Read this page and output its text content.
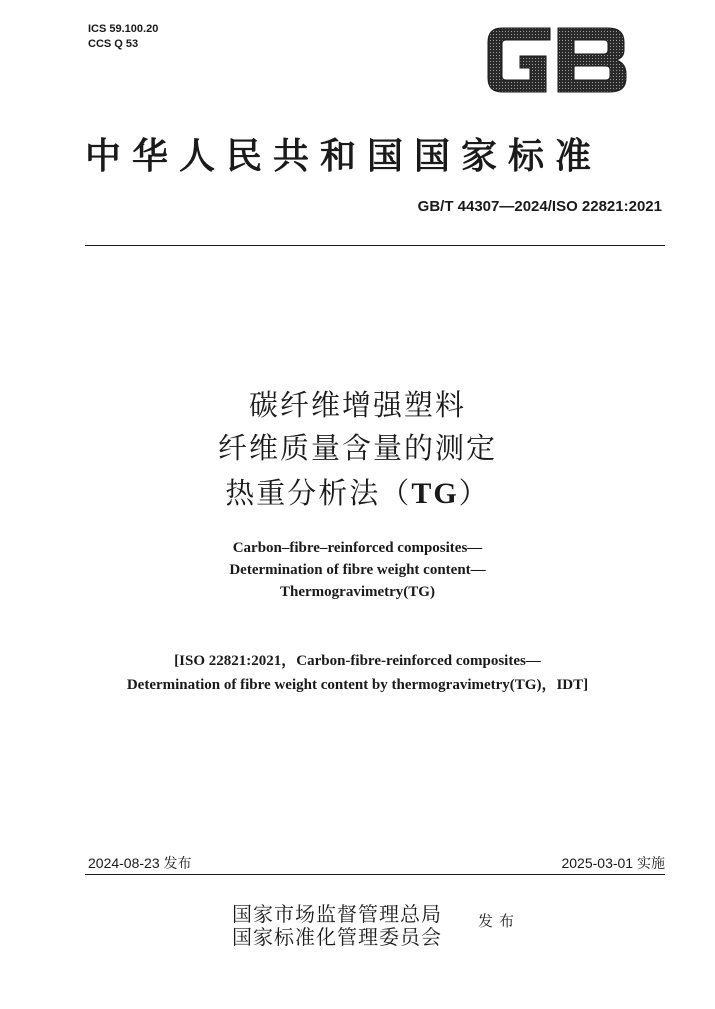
ICS 59.100.20
CCS Q 53
中华人民共和国国家标准
GB/T 44307—2024/ISO 22821:2021
碳纤维增强塑料
纤维质量含量的测定
热重分析法（TG）
Carbon–fibre–reinforced composites—
Determination of fibre weight content—
Thermogravimetry(TG)
[ISO 22821:2021，Carbon-fibre-reinforced composites—
Determination of fibre weight content by thermogravimetry(TG)，IDT]
2024-08-23 发布	2025-03-01 实施
国家市场监督管理总局
国家标准化管理委员会
发布
